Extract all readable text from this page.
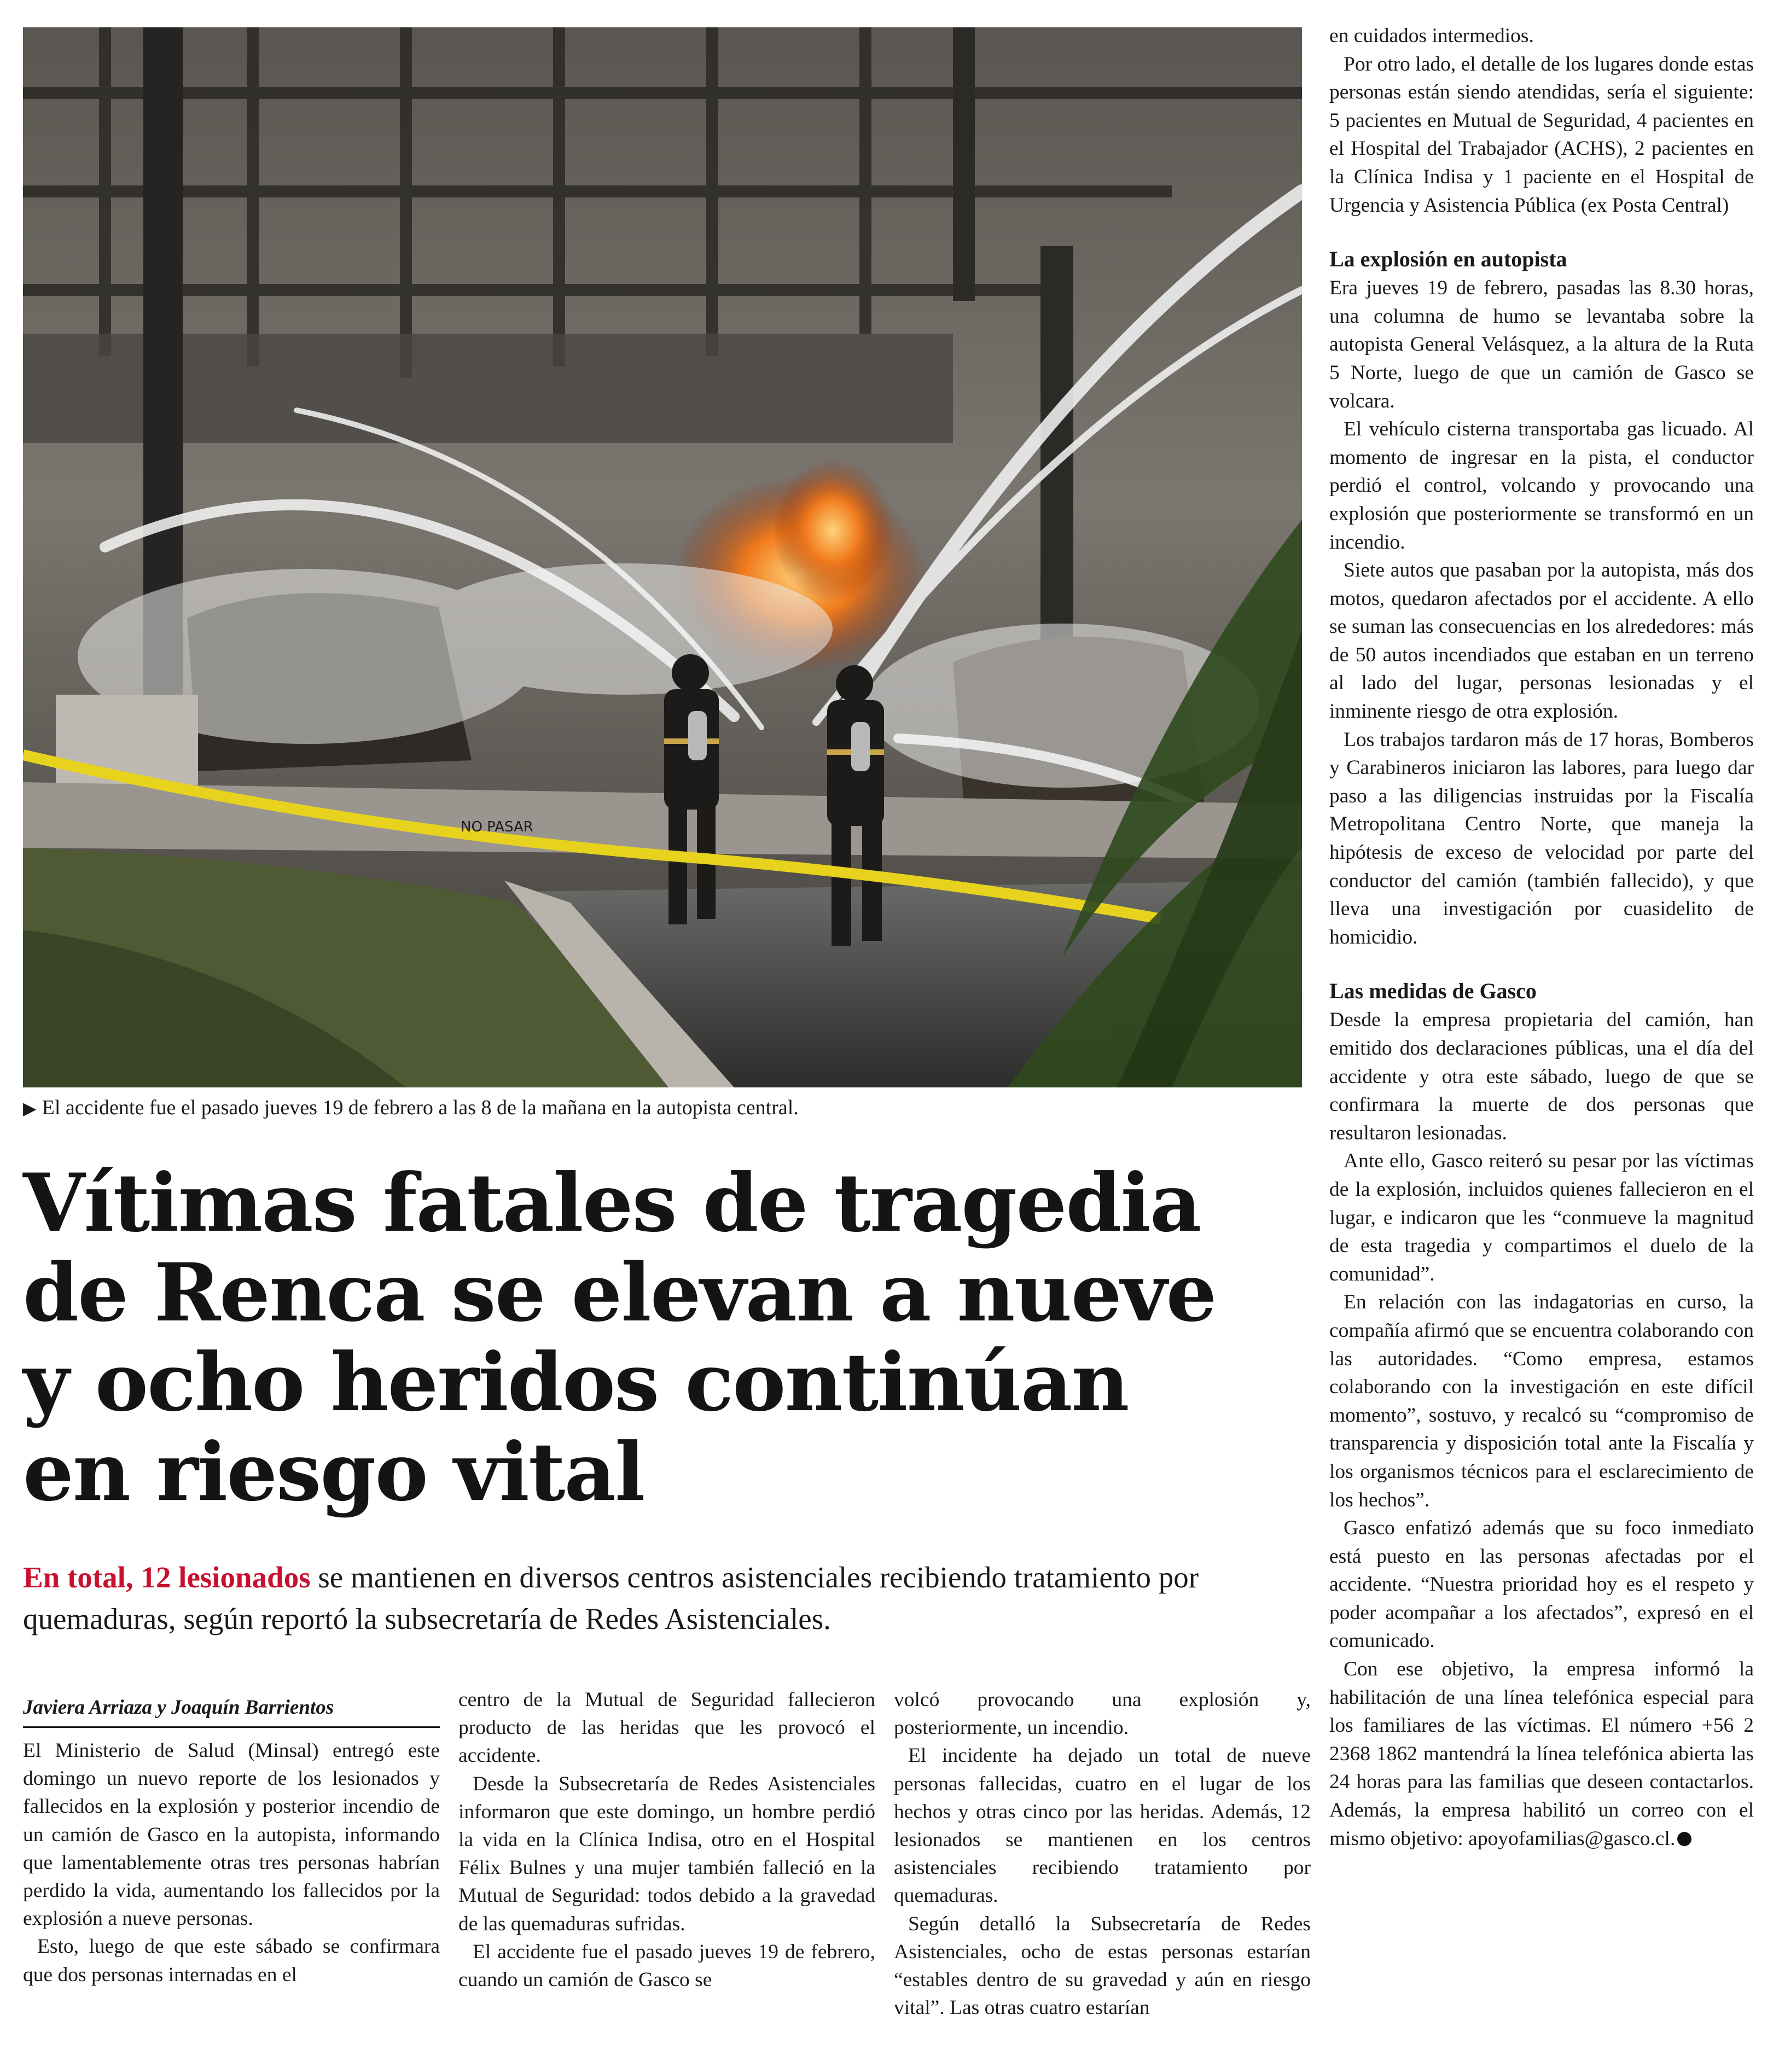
NO PASAR
▶ El accidente fue el pasado jueves 19 de febrero a las 8 de la mañana en la autopista central.
Vítimas fatales de tragedia
de Renca se elevan a nueve
y ocho heridos continúan
en riesgo vital

En total, 12 lesionados se mantienen en diversos centros asistenciales recibiendo tratamiento por quemaduras, según reportó la subsecretaría de Redes Asistenciales.

Javiera Arriaza y Joaquín Barrientos

El Ministerio de Salud (Minsal) entregó este domingo un nuevo reporte de los lesionados y fallecidos en la explosión y posterior incendio de un camión de Gasco en la autopista, informando que lamentablemente otras tres personas habrían perdido la vida, aumentando los fallecidos por la explosión a nueve personas.

Esto, luego de que este sábado se confirmara que dos personas internadas en el

centro de la Mutual de Seguridad fallecieron producto de las heridas que les provocó el accidente.

Desde la Subsecretaría de Redes Asistenciales informaron que este domingo, un hombre perdió la vida en la Clínica Indisa, otro en el Hospital Félix Bulnes y una mujer también falleció en la Mutual de Seguridad: todos debido a la gravedad de las quemaduras sufridas.

El accidente fue el pasado jueves 19 de febrero, cuando un camión de Gasco se

volcó provocando una explosión y, posteriormente, un incendio.

El incidente ha dejado un total de nueve personas fallecidas, cuatro en el lugar de los hechos y otras cinco por las heridas. Además, 12 lesionados se mantienen en los centros asistenciales recibiendo tratamiento por quemaduras.

Según detalló la Subsecretaría de Redes Asistenciales, ocho de estas personas estarían “estables dentro de su gravedad y aún en riesgo vital”. Las otras cuatro estarían

en cuidados intermedios.

Por otro lado, el detalle de los lugares donde estas personas están siendo atendidas, sería el siguiente: 5 pacientes en Mutual de Seguridad, 4 pacientes en el Hospital del Trabajador (ACHS), 2 pacientes en la Clínica Indisa y 1 paciente en el Hospital de Urgencia y Asistencia Pública (ex Posta Central)

La explosión en autopista

Era jueves 19 de febrero, pasadas las 8.30 horas, una columna de humo se levantaba sobre la autopista General Velásquez, a la altura de la Ruta 5 Norte, luego de que un camión de Gasco se volcara.

El vehículo cisterna transportaba gas licuado. Al momento de ingresar en la pista, el conductor perdió el control, volcando y provocando una explosión que posteriormente se transformó en un incendio.

Siete autos que pasaban por la autopista, más dos motos, quedaron afectados por el accidente. A ello se suman las consecuencias en los alrededores: más de 50 autos incendiados que estaban en un terreno al lado del lugar, personas lesionadas y el inminente riesgo de otra explosión.

Los trabajos tardaron más de 17 horas, Bomberos y Carabineros iniciaron las labores, para luego dar paso a las diligencias instruidas por la Fiscalía Metropolitana Centro Norte, que maneja la hipótesis de exceso de velocidad por parte del conductor del camión (también fallecido), y que lleva una investigación por cuasidelito de homicidio.

Las medidas de Gasco

Desde la empresa propietaria del camión, han emitido dos declaraciones públicas, una el día del accidente y otra este sábado, luego de que se confirmara la muerte de dos personas que resultaron lesionadas.

Ante ello, Gasco reiteró su pesar por las víctimas de la explosión, incluidos quienes fallecieron en el lugar, e indicaron que les “conmueve la magnitud de esta tragedia y compartimos el duelo de la comunidad”.

En relación con las indagatorias en curso, la compañía afirmó que se encuentra colaborando con las autoridades. “Como empresa, estamos colaborando con la investigación en este difícil momento”, sostuvo, y recalcó su “compromiso de transparencia y disposición total ante la Fiscalía y los organismos técnicos para el esclarecimiento de los hechos”.

Gasco enfatizó además que su foco inmediato está puesto en las personas afectadas por el accidente. “Nuestra prioridad hoy es el respeto y poder acompañar a los afectados”, expresó en el comunicado.

Con ese objetivo, la empresa informó la habilitación de una línea telefónica especial para los familiares de las víctimas. El número +56 2 2368 1862 mantendrá la línea telefónica abierta las 24 horas para las familias que deseen contactarlos. Además, la empresa habilitó un correo con el mismo objetivo: apoyofamilias@gasco.cl.
